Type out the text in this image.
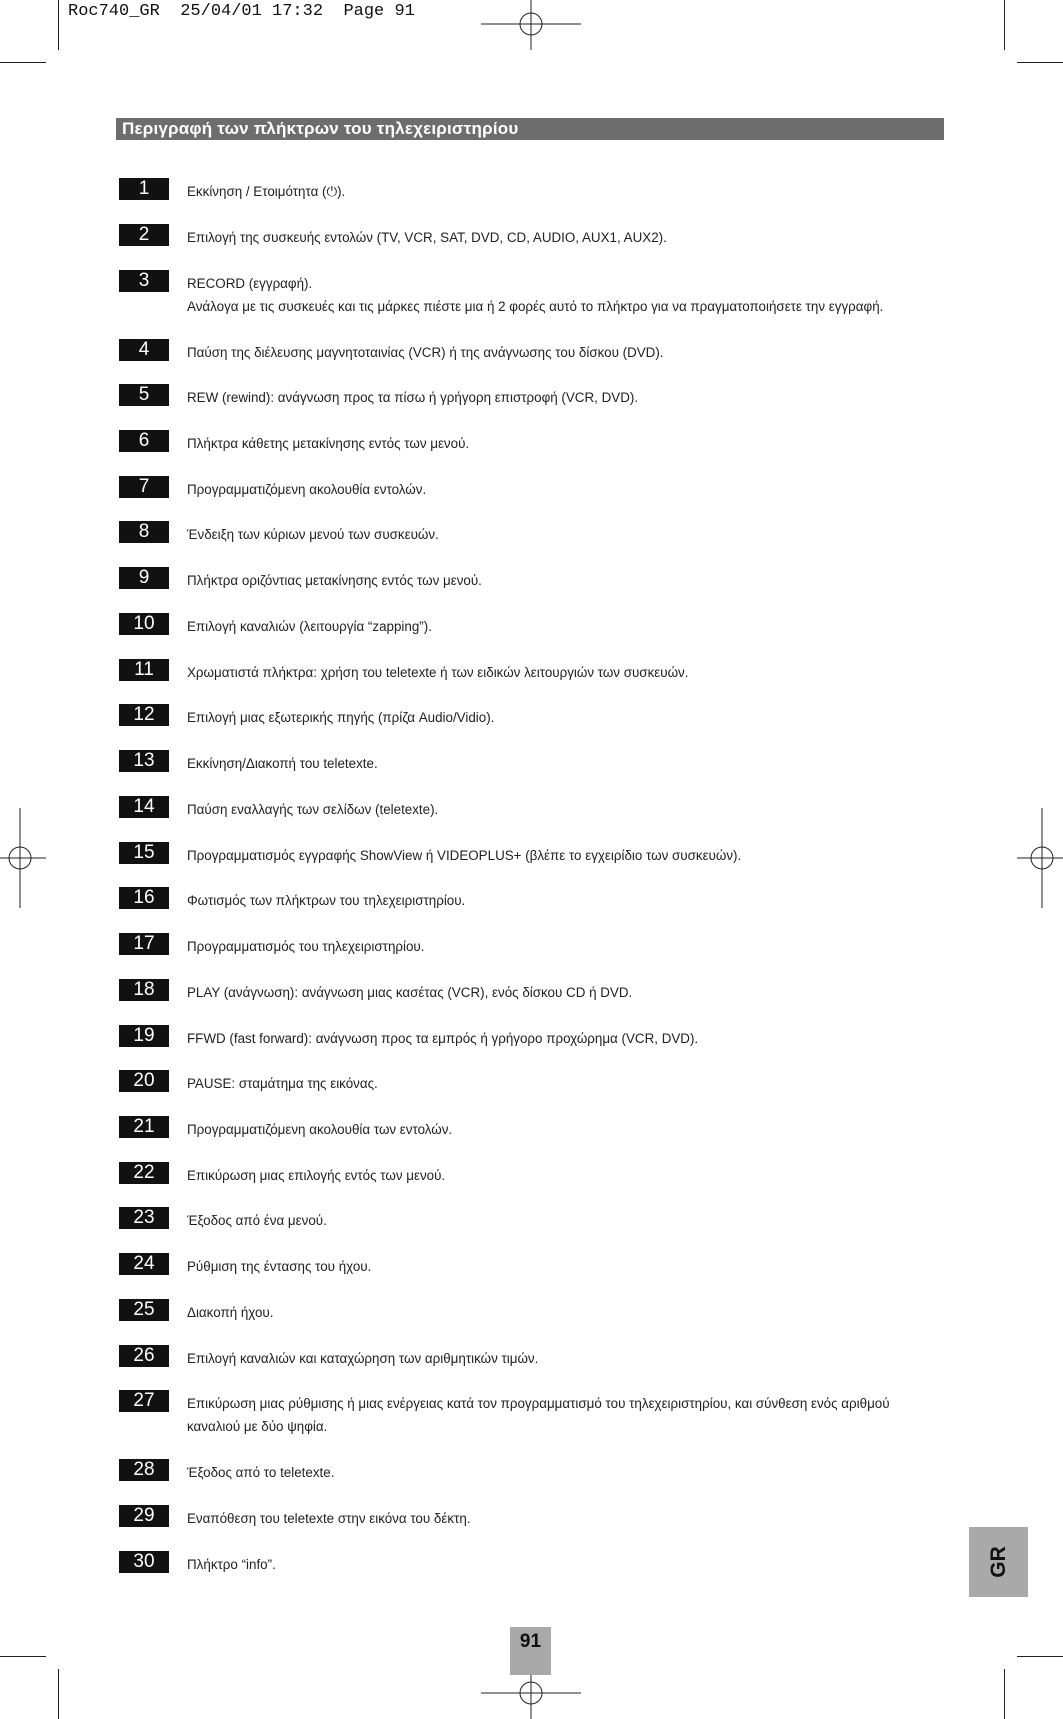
Roc740_GR  25/04/01 17:32  Page 91
Περιγραφή των πλήκτρων του τηλεχειριστηρίου
1	Εκκίνηση / Ετοιμότητα (⏻).
2	Επιλογή της συσκευής εντολών (TV, VCR, SAT, DVD, CD, AUDIO, AUX1, AUX2).
3	RECORD (εγγραφή).
Ανάλογα με τις συσκευές και τις μάρκες πιέστε μια ή 2 φορές αυτό το πλήκτρο για να πραγματοποιήσετε την εγγραφή.
4	Παύση της διέλευσης μαγνητοταινίας (VCR) ή της ανάγνωσης του δίσκου (DVD).
5	REW (rewind): ανάγνωση προς τα πίσω ή γρήγορη επιστροφή (VCR, DVD).
6	Πλήκτρα κάθετης μετακίνησης εντός των μενού.
7	Προγραμματιζόμενη ακολουθία εντολών.
8	Ένδειξη των κύριων μενού των συσκευών.
9	Πλήκτρα οριζόντιας μετακίνησης εντός των μενού.
10	Επιλογή καναλιών (λειτουργία “zapping”).
11	Χρωματιστά πλήκτρα: χρήση του teletexte ή των ειδικών λειτουργιών των συσκευών.
12	Επιλογή μιας εξωτερικής πηγής (πρίζα Audio/Vidio).
13	Εκκίνηση/Διακοπή του teletexte.
14	Παύση εναλλαγής των σελίδων (teletexte).
15	Προγραμματισμός εγγραφής ShowView ή VIDEOPLUS+ (βλέπε το εγχειρίδιο των συσκευών).
16	Φωτισμός των πλήκτρων του τηλεχειριστηρίου.
17	Προγραμματισμός του τηλεχειριστηρίου.
18	PLAY (ανάγνωση): ανάγνωση μιας κασέτας (VCR), ενός δίσκου CD ή DVD.
19	FFWD (fast forward): ανάγνωση προς τα εμπρός ή γρήγορο προχώρημα (VCR, DVD).
20	PAUSE: σταμάτημα της εικόνας.
21	Προγραμματιζόμενη ακολουθία των εντολών.
22	Επικύρωση μιας επιλογής εντός των μενού.
23	Έξοδος από ένα μενού.
24	Ρύθμιση της έντασης του ήχου.
25	Διακοπή ήχου.
26	Επιλογή καναλιών και καταχώρηση των αριθμητικών τιμών.
27	Επικύρωση μιας ρύθμισης ή μιας ενέργειας κατά τον προγραμματισμό του τηλεχειριστηρίου, και σύνθεση ενός αριθμού
καναλιού με δύο ψηφία.
28	Έξοδος από το teletexte.
29	Εναπόθεση του teletexte στην εικόνα του δέκτη.
30	Πλήκτρο “info”.	GR
91
